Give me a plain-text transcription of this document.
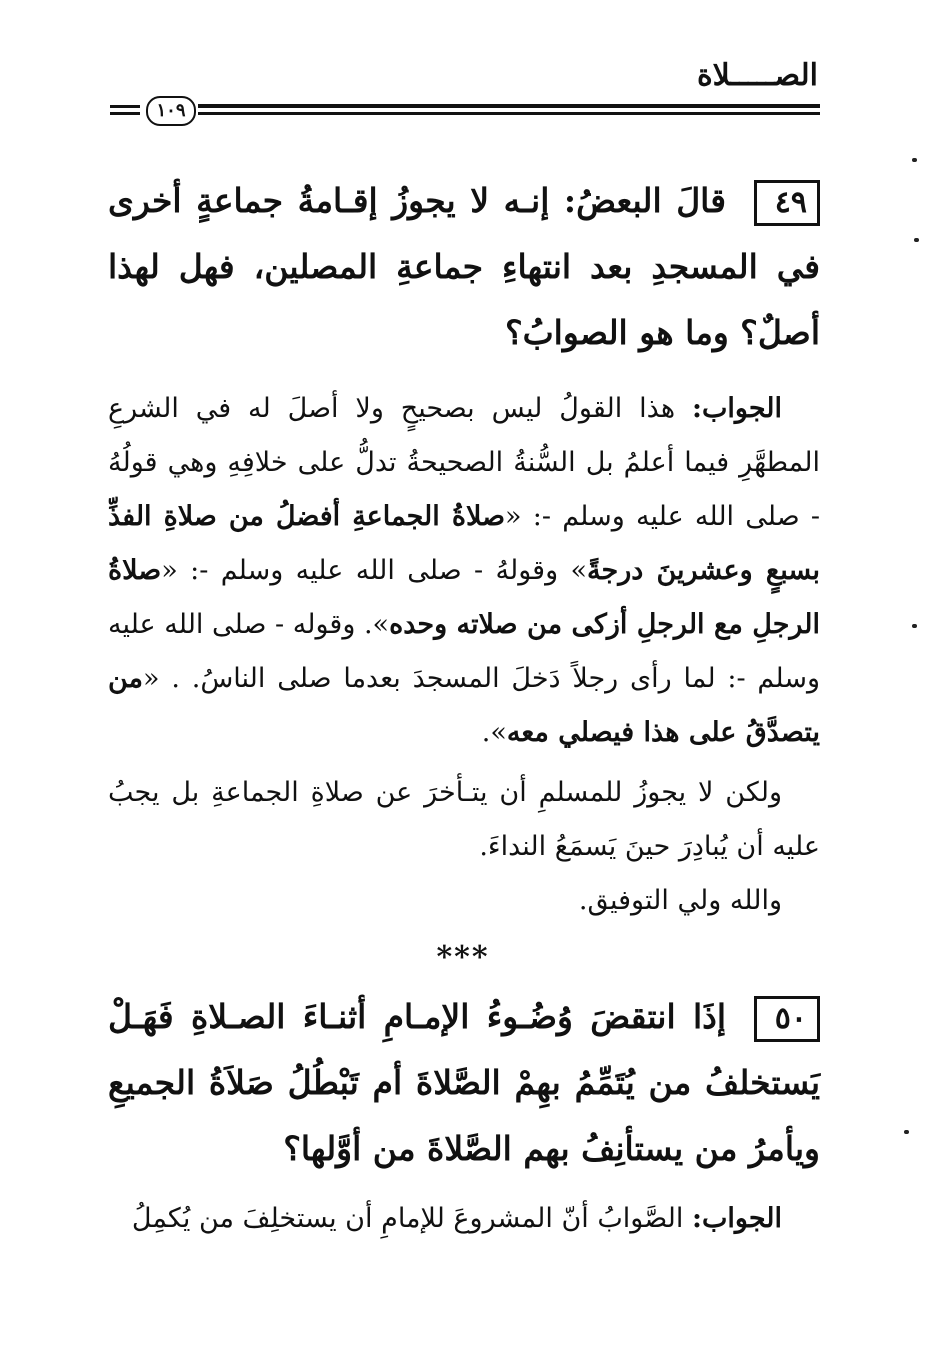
الصـــــلاة
١٠٩
٤٩قالَ البعضُ: إنـه لا يجوزُ إقـامةُ جماعةٍ أخرى في المسجدِ بعد انتهاءِ جماعةِ المصلين، فهل لهذا أصلٌ؟ وما هو الصوابُ؟
الجواب: هذا القولُ ليس بصحيحٍ ولا أصلَ له في الشرعِ المطهَّرِ فيما أعلمُ بل السُّنةُ الصحيحةُ تدلُّ على خلافِهِ وهي قولُهُ - صلى الله عليه وسلم -: «صلاةُ الجماعةِ أفضلُ من صلاةِ الفذِّ بسبعٍ وعشرينَ درجةً» وقولهُ - صلى الله عليه وسلم -: «صلاةُ الرجلِ مع الرجلِ أزكى من صلاته وحده». وقوله - صلى الله عليه وسلم -: لما رأى رجلاً دَخلَ المسجدَ بعدما صلى الناسُ. . «من يتصدَّقُ على هذا فيصلي معه».
ولكن لا يجوزُ للمسلمِ أن يتـأخرَ عن صلاةِ الجماعةِ بل يجبُ عليه أن يُبادِرَ حينَ يَسمَعُ النداءَ.
والله ولي التوفيق.
***
٥٠إذَا انتقضَ وُضُـوءُ الإمـامِ أثنـاءَ الصـلاةِ فَهَـلْ يَستخلفُ من يُتَمِّمُ بهِمْ الصَّلاةَ أم تَبْطُلُ صَلاَةُ الجميعِ ويأمرُ من يستأنِفُ بهم الصَّلاةَ من أوَّلها؟
الجواب: الصَّوابُ أنّ المشروعَ للإمامِ أن يستخلِفَ من يُكمِلُ
